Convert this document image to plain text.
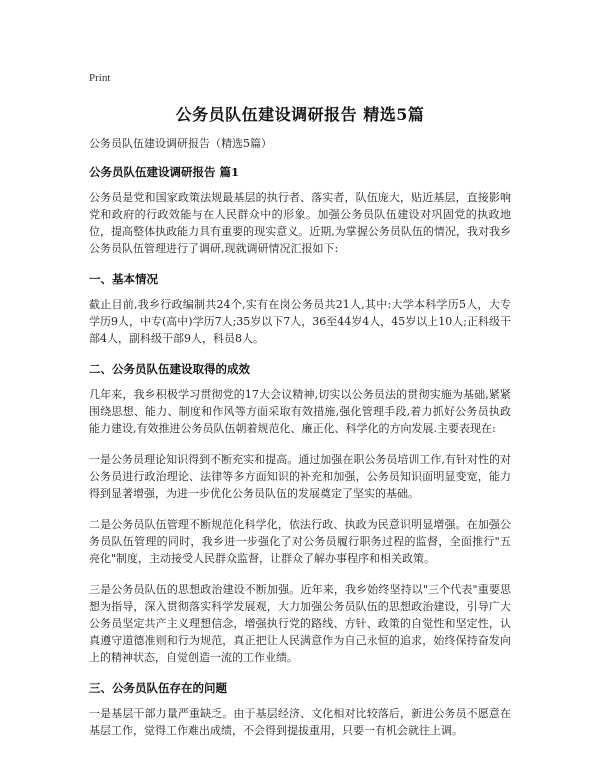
Print
公务员队伍建设调研报告 精选5篇

公务员队伍建设调研报告（精选5篇）

公务员队伍建设调研报告 篇1

公务员是党和国家政策法规最基层的执行者、落实者，队伍庞大，贴近基层，直接影响党和政府的行政效能与在人民群众中的形象。加强公务员队伍建设对巩固党的执政地位，提高整体执政能力具有重要的现实意义。近期,为掌握公务员队伍的情况，我对我乡公务员队伍管理进行了调研,现就调研情况汇报如下:

一、基本情况

截止目前,我乡行政编制共24个,实有在岗公务员共21人,其中:大学本科学历5人，大专学历9人，中专(高中)学历7人;35岁以下7人，36至44岁4人，45岁以上10人;正科级干部4人，副科级干部9人，科员8人。

二、公务员队伍建设取得的成效

几年来，我乡积极学习贯彻党的17大会议精神,切实以公务员法的贯彻实施为基础,紧紧围绕思想、能力、制度和作风等方面采取有效措施,强化管理手段,着力抓好公务员执政能力建设,有效推进公务员队伍朝着规范化、廉正化、科学化的方向发展.主要表现在:

一是公务员理论知识得到不断充实和提高。通过加强在职公务员培训工作,有针对性的对公务员进行政治理论、法律等多方面知识的补充和加强，公务员知识面明显变宽，能力得到显著增强，为进一步优化公务员队伍的发展奠定了坚实的基础。

二是公务员队伍管理不断规范化科学化，依法行政、执政为民意识明显增强。在加强公务员队伍管理的同时，我乡进一步强化了对公务员履行职务过程的监督，全面推行"五亮化"制度，主动接受人民群众监督，让群众了解办事程序和相关政策。

三是公务员队伍的思想政治建设不断加强。近年来，我乡始终坚持以"三个代表"重要思想为指导，深入贯彻落实科学发展观，大力加强公务员队伍的思想政治建设，引导广大公务员坚定共产主义理想信念，增强执行党的路线、方针、政策的自觉性和坚定性，认真遵守道德准则和行为规范，真正把让人民满意作为自己永恒的追求，始终保持奋发向上的精神状态，自觉创造一流的工作业绩。

三、公务员队伍存在的问题

一是基层干部力量严重缺乏。由于基层经济、文化相对比较落后，新进公务员不愿意在基层工作，觉得工作难出成绩，不会得到提拔重用，只要一有机会就往上调。
